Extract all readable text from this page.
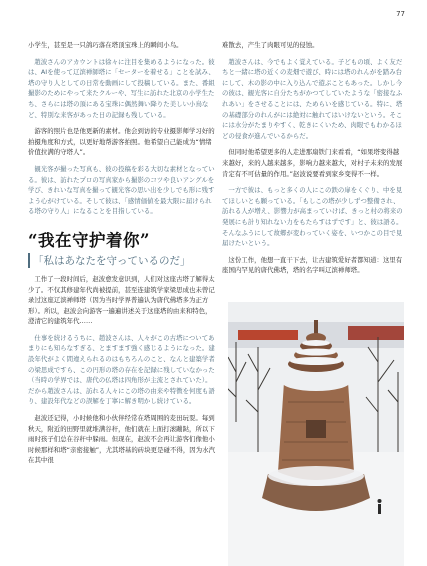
77

小学生，甚至是一只鸽巧落在塔顶宝珠上的瞬间小鸟。

趙波さんのアカウントは徐々に注目を集めるようになった。彼は、AIを使って辽滨禅師塔に「セーターを着せる」ことを試み、塔の守り人としての日常を動画にして投稿している。また、番組撮影のためにやって来たクルーや、写生に訪れた北京の小学生たち、さらには塔の頂にある宝珠に偶然舞い降りた美しい小鳥など、特別な来客があった日の記録も残している。

游客的照片也是他更新的素材。他会到访的专业摄影师学习好的拍摄角度和方式，以更好地帮游客拍照。他希望自己能成为“情绪价值拉满的守塔人”。

観光客が撮った写真も、彼の投稿を彩る大切な素材となっている。彼は、訪れたプロの写真家から撮影のコツや良いアングルを学び、きれいな写真を撮って観光客の思い出を少しでも形に残すよう心がけている。そして彼は、「感情価値を最大限に届けられる塔の守り人」になることを目指している。

“我在守护着你”
「私はあなたを守っているのだ」

工作了一段时间后，赵波愈发意识到，人们对这座古塔了解得太少了。不仅其修建年代尚被提前，甚至连建筑学家梁思成也未曾记录过这座辽滨禅师塔（因为当时学界普遍认为唐代佛塔多为正方形）。所以，赵波会向游客一遍遍讲述关于这座塔的由来和特色，澄清它的建筑年代……

仕事を続けるうちに、趙波さんは、人々がこの古塔についてあまりにも知らなすぎる、とますます強く感じるようになった。建設年代がよく間違えられるのはもちろんのこと、なんと建築学者の梁思成ですら、この円形の塔の存在を記録に残していなかった（当時の学界では、唐代の仏塔は四角形が主流とされていた）。だから趙波さんは、訪れる人々にこの塔の由来や特徴を何度も語り、建設年代などの誤解を丁寧に解き明かし続けている。

赵波还记得，小时候他和小伙伴经常在塔周围的麦田玩耍。每到秋天，附近的田野里就堆满谷秆，他们就在上面打滚蹦跶，所以下雨时孩子们总在谷秆中躲雨。但现在，赵波不会再让游客们像他小时候那样和塔“亲密接触”，尤其塔基的砖块更是碰不得，因为水汽在其中很

难散去，产生了肉眼可见的侵蚀。

趙波さんは、今でもよく覚えている。子どもの頃、よく友だちと一緒に塔の近くの麦畑で遊び、時には塔のれんがを踏み台にして、木の影の中に入り込んで遊ぶこともあった。しかし今の彼は、観光客に自分たちがかつてしていたような「密接なふれあい」をさせることには、ためらいを感じている。特に、塔の基礎部分のれんがには絶対に触れてはいけないという。そこには水分がたまりやすく、乾きにくいため、肉眼でもわかるほどの侵食が進んでいるからだ。

但同时他希望更多的人走进那扇铁门来看看，“如果塔变得越来越好，来的人越来越多，影响力越来越大，对村子未来的发展肯定有不可估量的作用。”赵波说要看到家乡变得不一样。

一方で彼は、もっと多くの人にこの鉄の扉をくぐり、中を見てほしいとも願っている。「もしこの塔が少しずつ整備され、訪れる人が増え、影響力が高まっていけば、きっと村の将来の発展にも計り知れない力をもたらすはずです」と、彼は語る。そんなふうにして故郷が変わっていく姿を、いつかこの目で見届けたいという。

这份工作，他想一直干下去，让古建筑爱好者都知道：这里有座国内罕见的唐代佛塔，塔的名字叫辽滨禅师塔。
